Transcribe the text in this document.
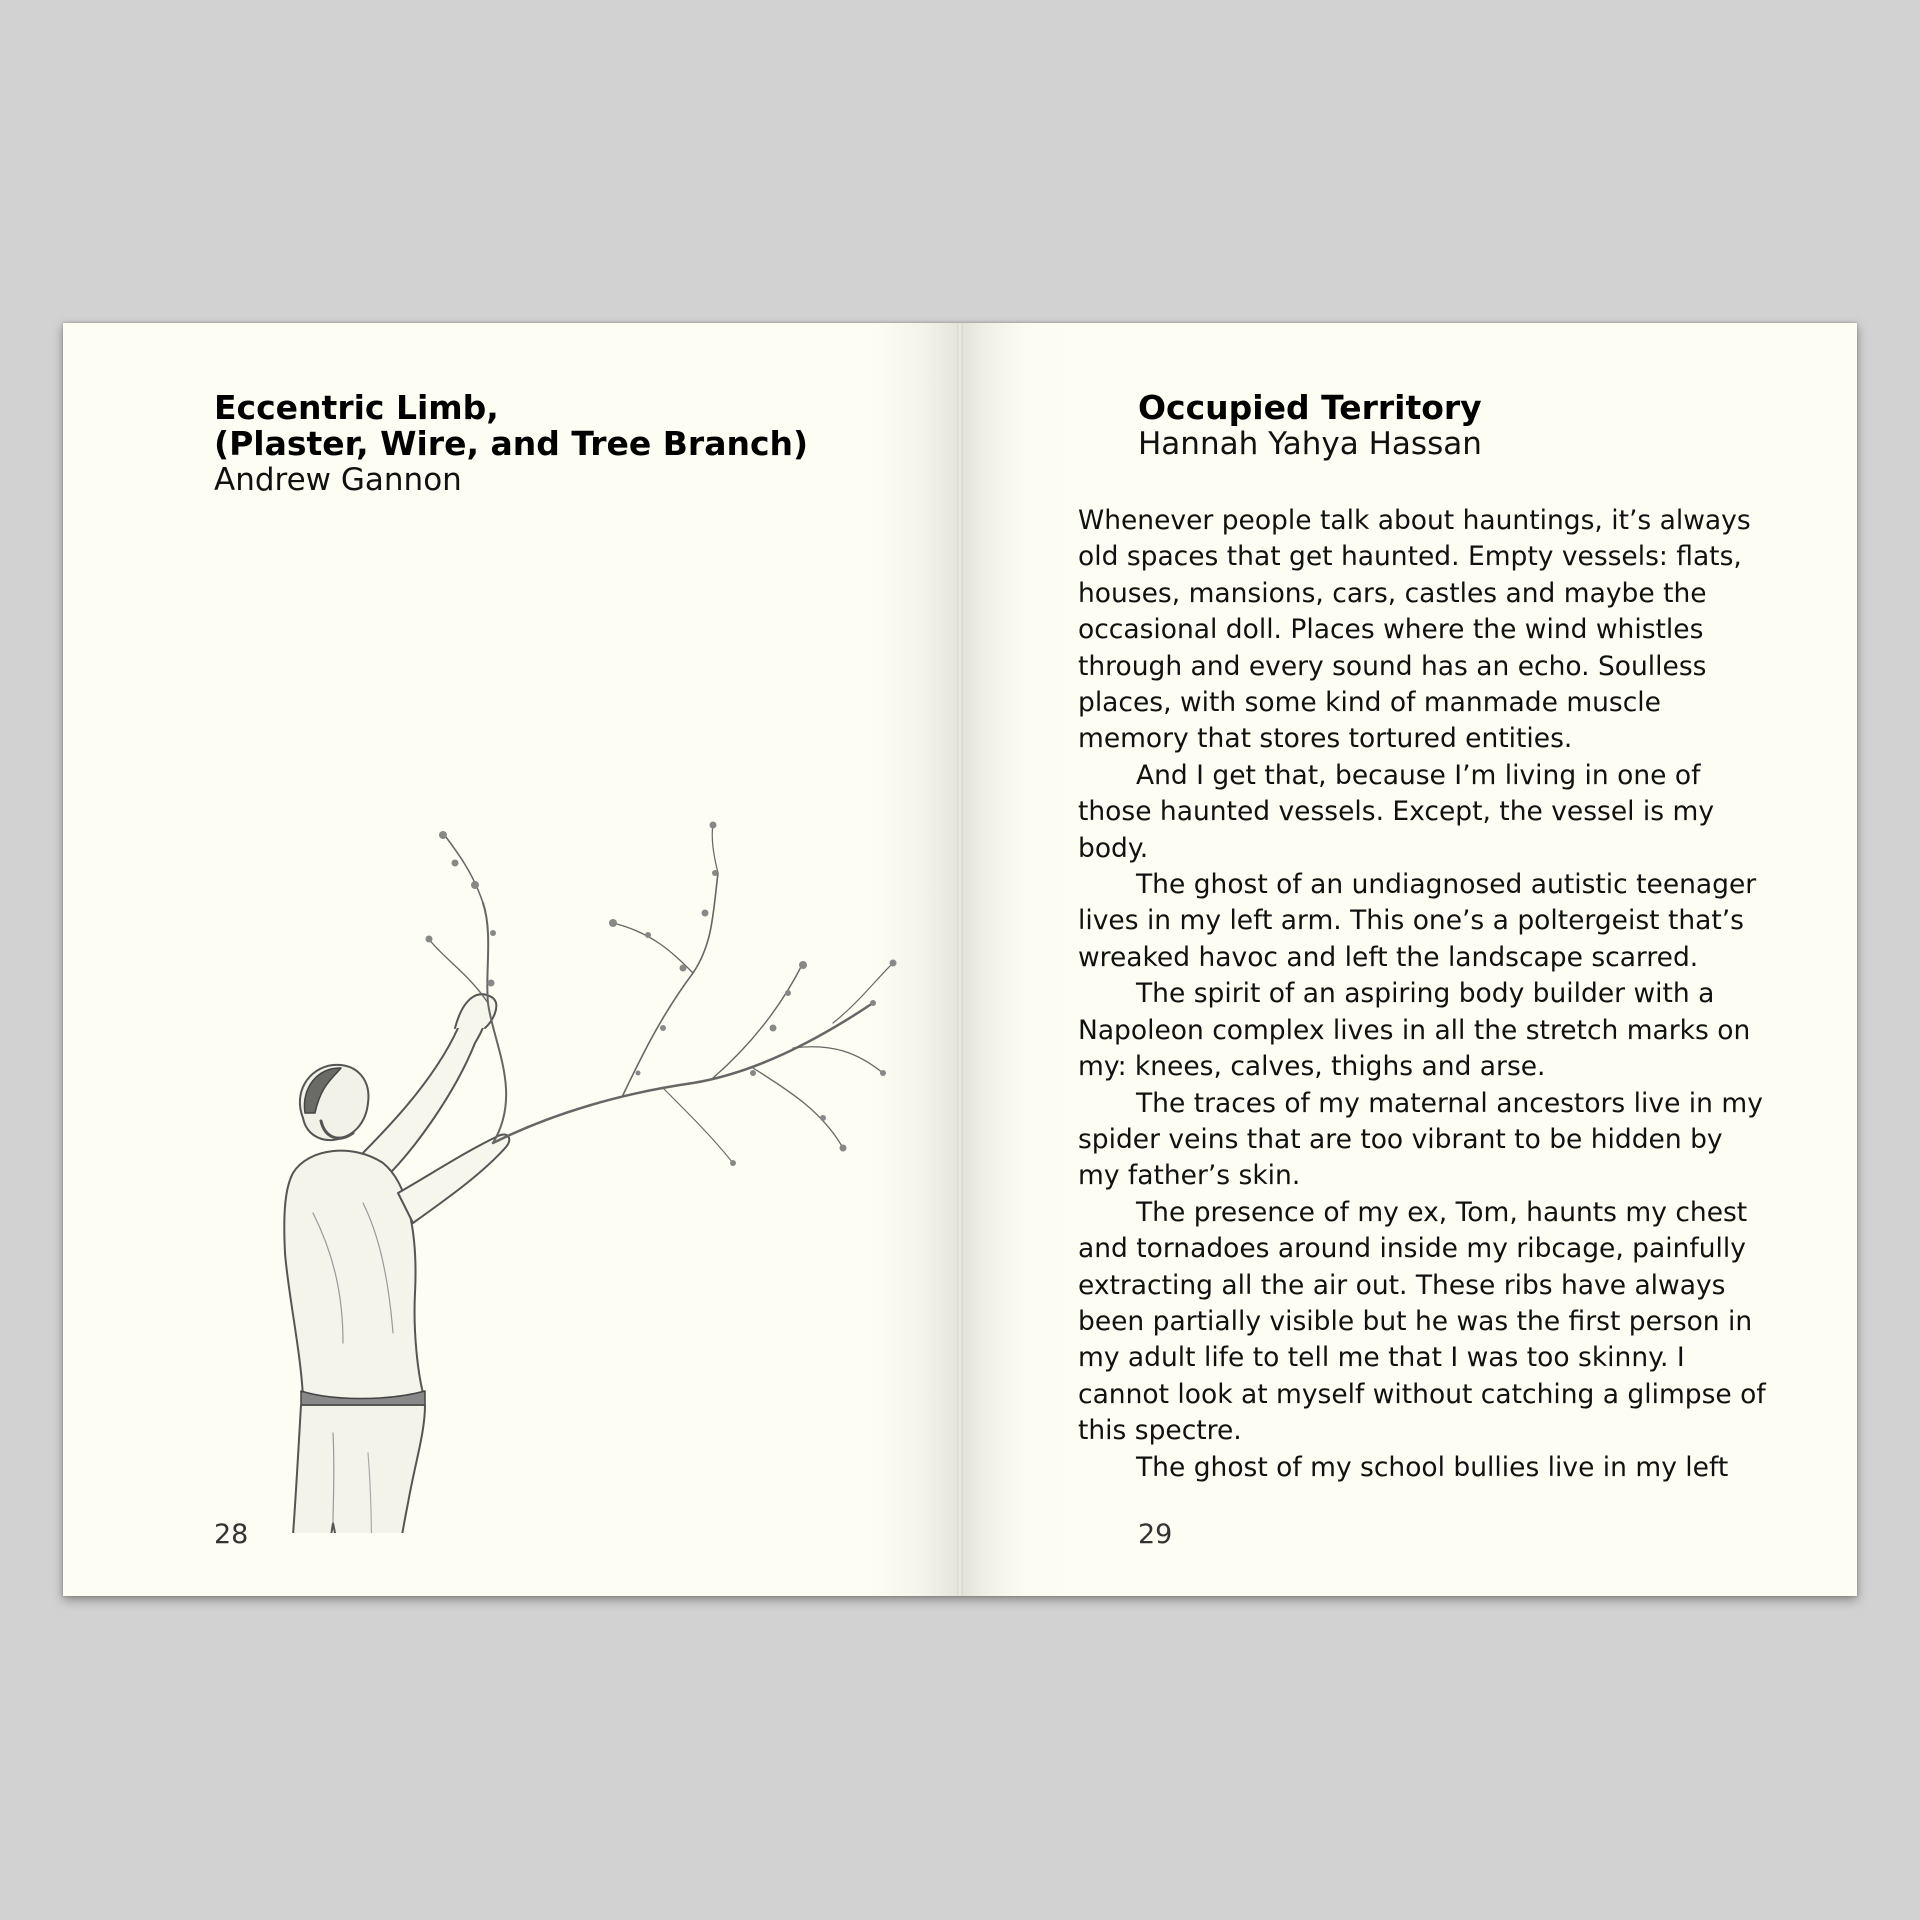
Eccentric Limb,
(Plaster, Wire, and Tree Branch)
Andrew Gannon
28
Occupied Territory
Hannah Yahya Hassan

Whenever people talk about hauntings, it’s always old spaces that get haunted. Empty vessels: flats, houses, mansions, cars, castles and maybe the occasional doll. Places where the wind whistles through and every sound has an echo. Soulless places, with some kind of manmade muscle memory that stores tortured entities.

And I get that, because I’m living in one of those haunted vessels. Except, the vessel is my body.

The ghost of an undiagnosed autistic teenager lives in my left arm. This one’s a poltergeist that’s wreaked havoc and left the landscape scarred.

The spirit of an aspiring body builder with a Napoleon complex lives in all the stretch marks on my: knees, calves, thighs and arse.

The traces of my maternal ancestors live in my spider veins that are too vibrant to be hidden by my father’s skin.

The presence of my ex, Tom, haunts my chest and tornadoes around inside my ribcage, painfully extracting all the air out. These ribs have always been partially visible but he was the first person in my adult life to tell me that I was too skinny. I cannot look at myself without catching a glimpse of this spectre.

The ghost of my school bullies live in my left

29
